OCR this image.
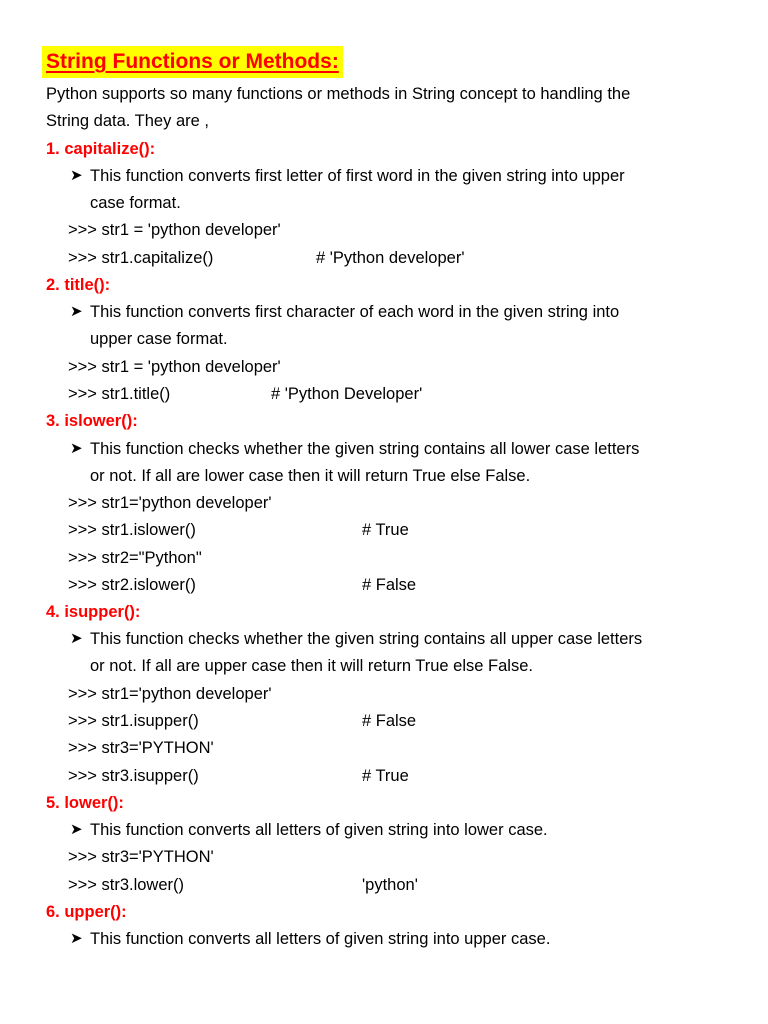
String Functions or Methods:
Python supports so many functions or methods in String concept to handling the
String data. They are ,
1. capitalize():
➤ This function converts first letter of first word in the given string into upper
case format.
>>> str1 = 'python developer'
>>> str1.capitalize()	# 'Python developer'
2. title():
➤ This function converts first character of each word in the given string into
upper case format.
>>> str1 = 'python developer'
>>> str1.title()	# 'Python Developer'
3. islower():
➤ This function checks whether the given string contains all lower case letters
or not. If all are lower case then it will return True else False.
>>> str1='python developer'
>>> str1.islower()	# True
>>> str2="Python"
>>> str2.islower()	# False
4. isupper():
➤ This function checks whether the given string contains all upper case letters
or not. If all are upper case then it will return True else False.
>>> str1='python developer'
>>> str1.isupper()	# False
>>> str3='PYTHON'
>>> str3.isupper()	# True
5. lower():
➤ This function converts all letters of given string into lower case.
>>> str3='PYTHON'
>>> str3.lower()	'python'
6. upper():
➤ This function converts all letters of given string into upper case.
